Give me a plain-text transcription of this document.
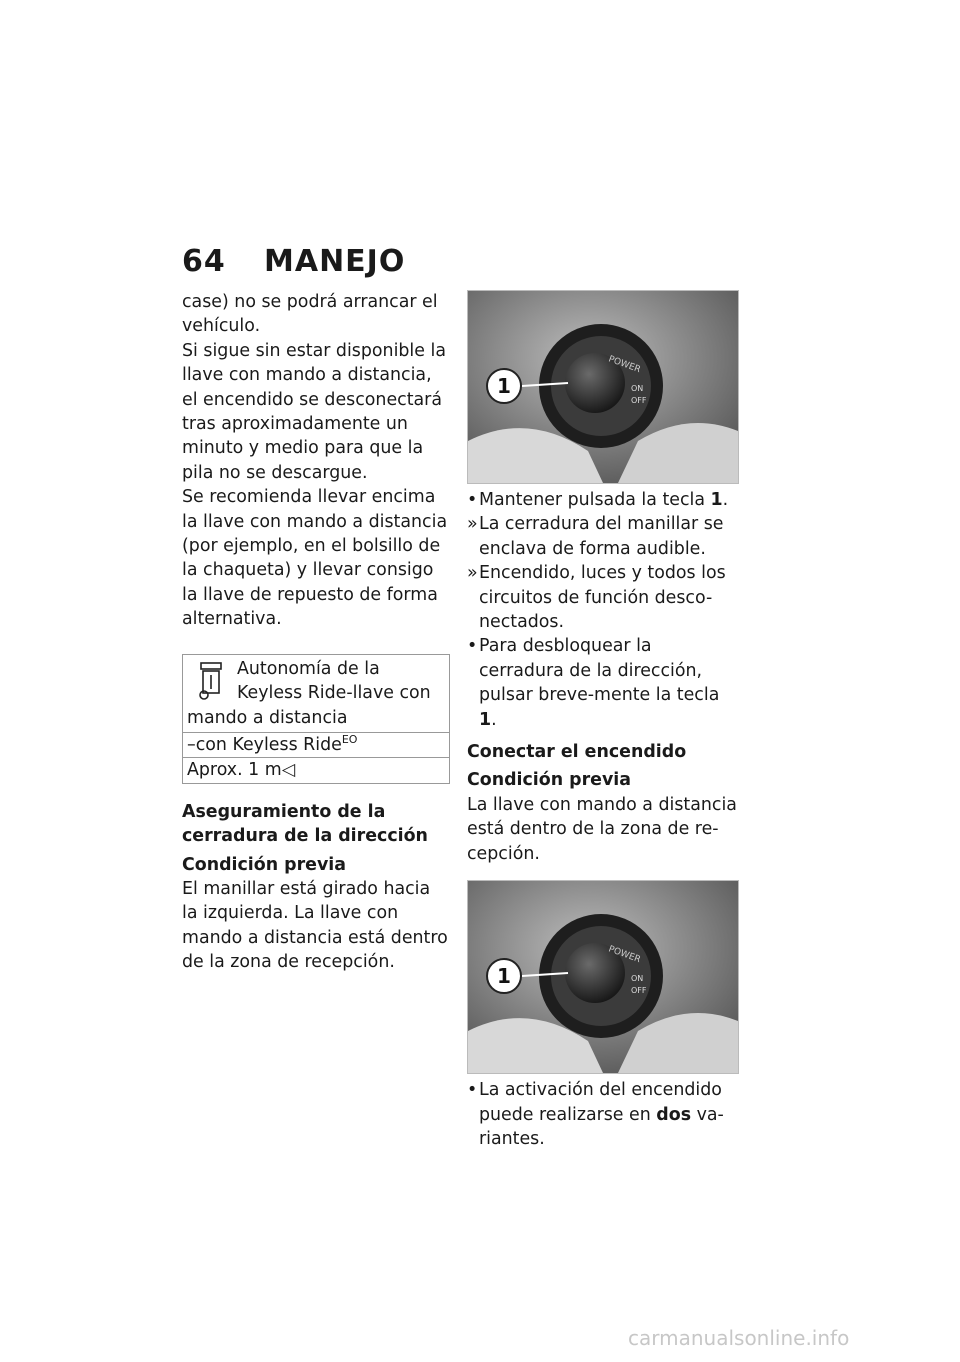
64 MANEJO

case) no se podrá arrancar el vehículo.

Si sigue sin estar disponible la llave con mando a distancia, el encendido se desconectará tras aproximadamente un minuto y medio para que la pila no se descargue.

Se recomienda llevar encima la llave con mando a distancia (por ejemplo, en el bolsillo de la chaqueta) y llevar consigo la llave de repuesto de forma alternativa.

Autonomía de la Keyless Ride-llave con mando a distancia
–con Keyless Ride$^{EO}$
Aprox. 1 m◁
Aseguramiento de la cerradura de la dirección
Condición previa

El manillar está girado hacia la izquierda. La llave con mando a distancia está dentro de la zona de recepción.

POWER
ON
OFF
1
• Mantener pulsada la tecla 1.
» La cerradura del manillar se enclava de forma audible.
» Encendido, luces y todos los circuitos de función desco-nectados.
• Para desbloquear la cerradura de la dirección, pulsar breve-mente la tecla 1.
Conectar el encendido
Condición previa

La llave con mando a distancia está dentro de la zona de re-cepción.

POWER
ON
OFF
1
• La activación del encendido puede realizarse en dos va-riantes.
carmanualsonline.info
